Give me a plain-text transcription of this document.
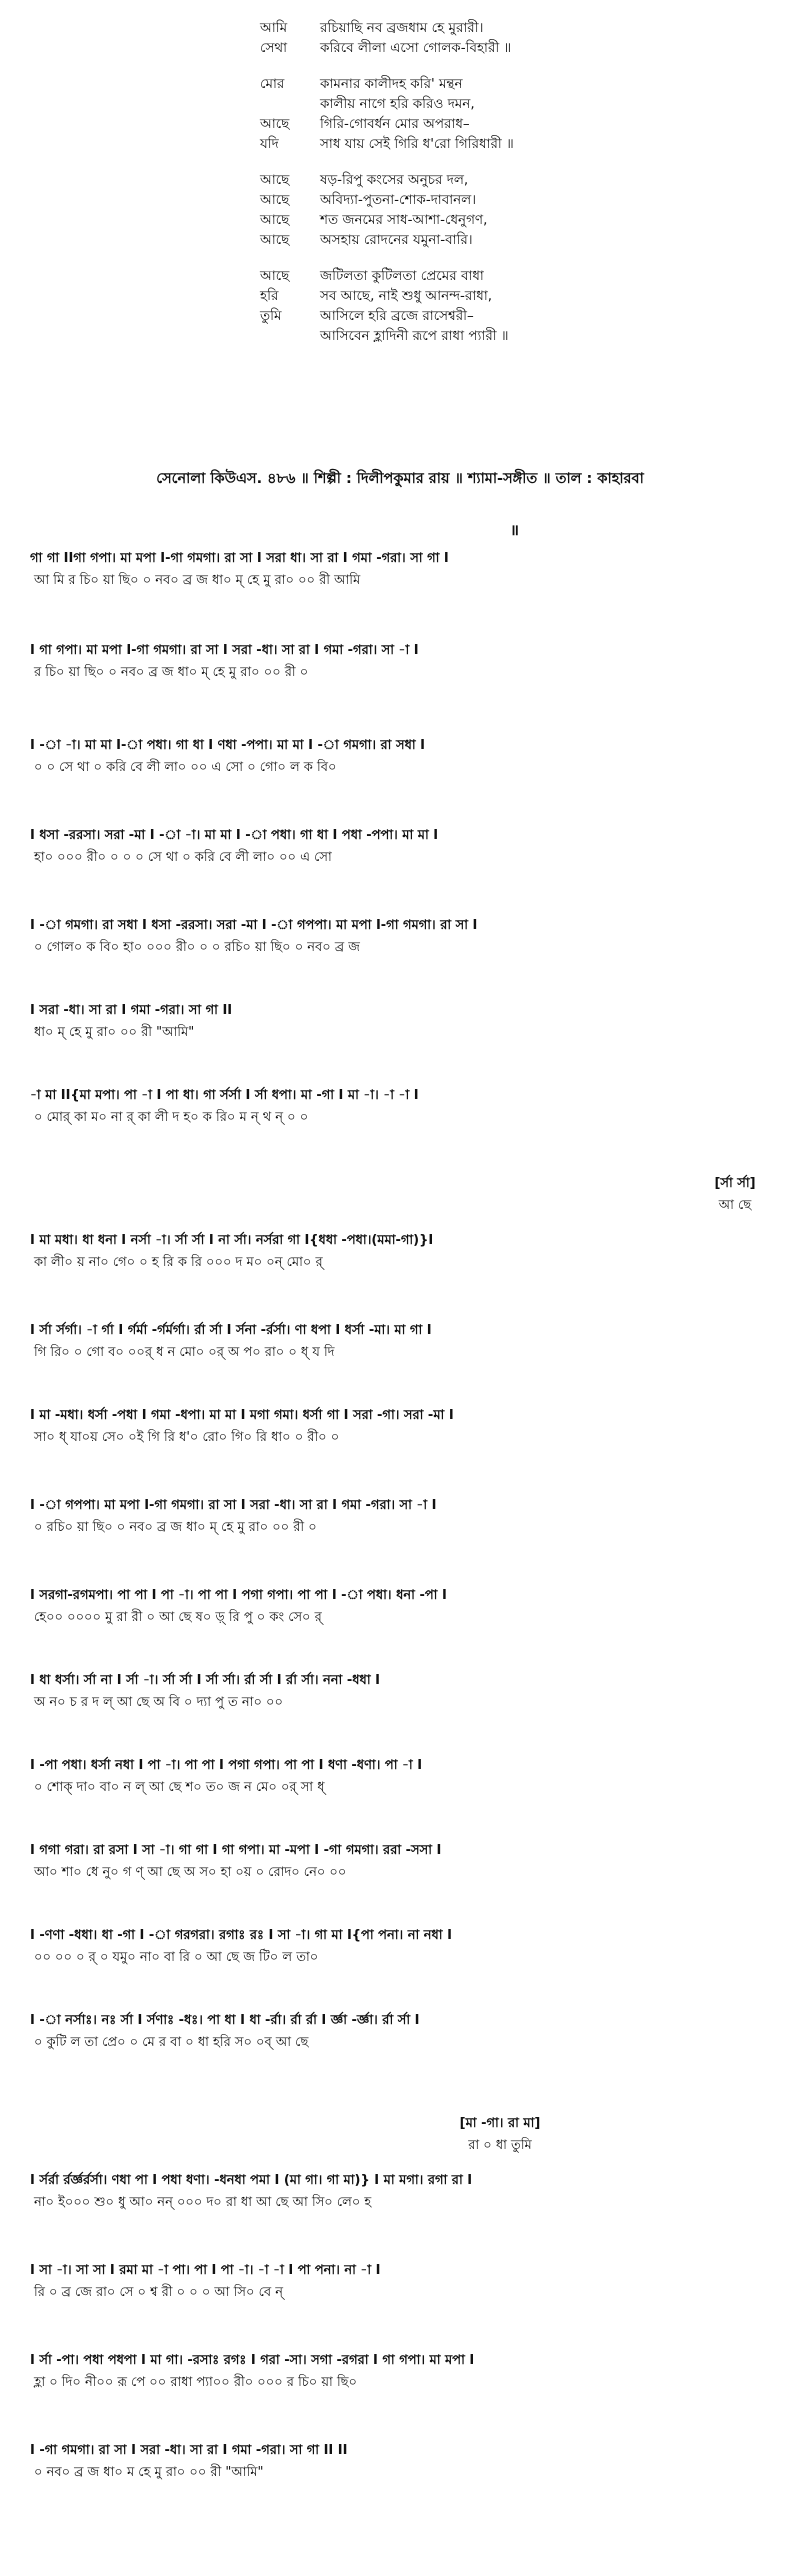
আমি	রচিয়াছি নব ব্রজধাম হে মুরারী।
সেথা	করিবে লীলা এসো গোলক-বিহারী ॥
মোর	কামনার কালীদহ করি' মন্থন
কালীয় নাগে হরি করিও দমন,
আছে	গিরি-গোবর্ধন মোর অপরাধ–
যদি	সাধ যায় সেই গিরি ধ'রো গিরিধারী ॥
আছে	ষড়-রিপু কংসের অনুচর দল,
আছে	অবিদ্যা-পুতনা-শোক-দাবানল।
আছে	শত জনমের সাধ-আশা-ধেনুগণ,
আছে	অসহায় রোদনের যমুনা-বারি।
আছে	জটিলতা কুটিলতা প্রেমের বাধা
হরি	সব আছে, নাই শুধু আনন্দ-রাধা,
তুমি	আসিলে হরি ব্রজে রাসেশ্বরী–
আসিবেন হ্লাদিনী রূপে রাধা প্যারী ॥
সেনোলা কিউএস. ৪৮৬ ॥ শিল্পী : দিলীপকুমার রায় ॥ শ্যামা-সঙ্গীত ॥ তাল : কাহারবা
॥
গা গা IIগা গপা। মা মপা I-গা গমগা। রা সা I সরা ধা। সা রা I গমা -গরা। সা গা I
আ মি র চি০ য়া ছি০ ০ নব০ ব্র জ ধা০ ম্ হে মু রা০ ০০ রী আমি
I গা গপা। মা মপা I-গা গমগা। রা সা I সরা -ধা। সা রা I গমা -গরা। সা -া I
র চি০ য়া ছি০ ০ নব০ ব্র জ ধা০ ম্ হে মু রা০ ০০ রী ০
I -া -া। মা মা I-া পধা। গা ধা I ণধা -পপা। মা মা I -া গমগা। রা সধা I
০ ০ সে থা ০ করি বে লী লা০ ০০ এ সো ০ গো০ ল ক বি০
I ধসা -ররসা। সরা -মা I -া -া। মা মা I -া পধা। গা ধা I পধা -পপা। মা মা I
হা০ ০০০ রী০ ০ ০ ০ সে থা ০ করি বে লী লা০ ০০ এ সো
I -া গমগা। রা সধা I ধসা -ররসা। সরা -মা I -া গপপা। মা মপা I-গা গমগা। রা সা I
০ গোল০ ক বি০ হা০ ০০০ রী০ ০ ০ রচি০ য়া ছি০ ০ নব০ ব্র জ
I সরা -ধা। সা রা I গমা -গরা। সা গা II
ধা০ ম্ হে মু রা০ ০০ রী "আমি"
-া মা II{মা মপা। পা -া I পা ধা। গা র্সর্সা I র্সা ধপা। মা -গা I মা -া। -া -া I
০ মোর্ কা ম০ না র্ কা লী দ হ০ ক রি০ ম ন্ থ ন্ ০ ০
[র্সা র্সা]
আ ছে
I মা মধা। ধা ধনা I নর্সা -া। র্সা র্সা I না র্সা। নর্সরা গা I{ধধা -পধা।(মমা-গা)}I
কা লী০ য় না০ গে০ ০ হ রি ক রি ০০০ দ ম০ ০ন্ মো০ র্
I র্সা র্সর্গা। -া র্গা I র্গর্মা -র্গর্মর্গা। র্রা র্সা I র্সনা -র্রর্সা। ণা ধপা I ধর্সা -মা। মা গা I
গি রি০ ০ গো ব০ ০০র্ ধ ন মো০ ০র্ অ প০ রা০ ০ ধ্ য দি
I মা -মধা। ধর্সা -পধা I গমা -ধপা। মা মা I মগা গমা। ধর্সা গা I সরা -গা। সরা -মা I
সা০ ধ্ যা০য় সে০ ০ই গি রি ধ'০ রো০ গি০ রি ধা০ ০ রী০ ০
I -া গপপা। মা মপা I-গা গমগা। রা সা I সরা -ধা। সা রা I গমা -গরা। সা -া I
০ রচি০ য়া ছি০ ০ নব০ ব্র জ ধা০ ম্ হে মু রা০ ০০ রী ০
I সরগা-রগমপা। পা পা I পা -া। পা পা I পগা গপা। পা পা I -া পধা। ধনা -পা I
হে০০ ০০০০ মু রা রী ০ আ ছে ষ০ ড়্ রি পু ০ কং সে০ র্
I ধা ধর্সা। র্সা না I র্সা -া। র্সা র্সা I র্সা র্সা। র্রা র্সা I র্রা র্সা। ননা -ধধা I
অ ন০ চ র দ ল্ আ ছে অ বি ০ দ্যা পু ত না০ ০০
I -পা পধা। ধর্সা নধা I পা -া। পা পা I পগা গপা। পা পা I ধণা -ধণা। পা -া I
০ শোক্ দা০ বা০ ন ল্ আ ছে শ০ ত০ জ ন মে০ ০র্ সা ধ্
I গগা গরা। রা রসা I সা -া। গা গা I গা গপা। মা -মপা I -গা গমগা। ররা -সসা I
আ০ শা০ ধে নু০ গ ণ্ আ ছে অ স০ হা ০য় ০ রোদ০ নে০ ০০
I -ণণা -ধধা। ধা -গা I -া গরগরা। রগাঃ রঃ I সা -া। গা মা I{পা পনা। না নধা I
০০ ০০ ০ র্ ০ যমু০ না০ বা রি ০ আ ছে জ টি০ ল তা০
I -া নর্সাঃ। নঃ র্সা I র্সণাঃ -ধঃ। পা ধা I ধা -র্রা। র্রা র্রা I র্জ্ঞা -র্জ্ঞা। র্রা র্সা I
০ কুটি ল তা প্রে০ ০ মে র বা ০ ধা হরি স০ ০ব্ আ ছে
[মা -গা। রা মা]
রা ০ ধা তুমি
I র্সর্রা র্রর্জ্ঞর্রর্সা। ণধা পা I পধা ধণা। -ধনধা পমা I (মা গা। গা মা)} I মা মগা। রগা রা I
না০ ই০০০ শু০ ধু আ০ নন্ ০০০ দ০ রা ধা আ ছে আ সি০ লে০ হ
I সা -া। সা সা I রমা মা -া পা। পা I পা -া। -া -া I পা পনা। না -া I
রি ০ ব্র জে রা০ সে ০ শ্ব রী ০ ০ ০ আ সি০ বে ন্
I র্সা -পা। পধা পধপা I মা গা। -রসাঃ রগঃ I গরা -সা। সগা -রগরা I গা গপা। মা মপা I
হ্লা ০ দি০ নী০০ রূ পে ০০ রাধা প্যা০০ রী০ ০০০ র চি০ য়া ছি০
I -গা গমগা। রা সা I সরা -ধা। সা রা I গমা -গরা। সা গা II II
০ নব০ ব্র জ ধা০ ম হে মু রা০ ০০ রী "আমি"
